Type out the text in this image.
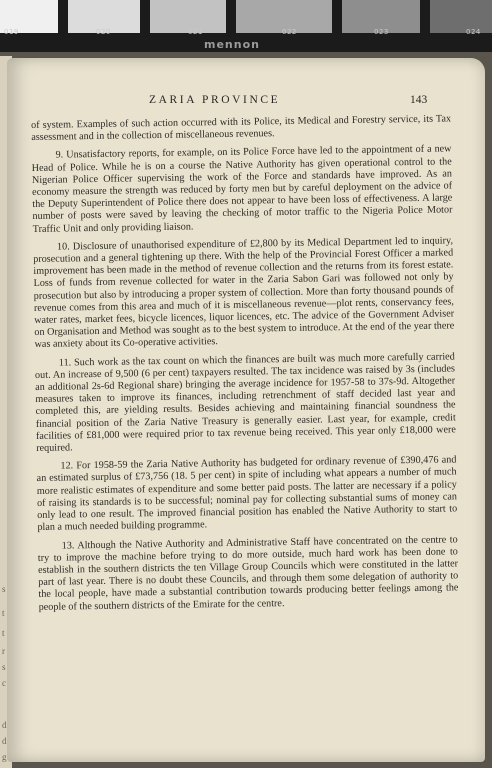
019	020	021	022	023	024
mennon
s
t
t
r
s
c
d
d
g
ZARIA PROVINCE	143

of system. Examples of such action occurred with its Police, its Medical and Forestry service, its Tax assessment and in the collection of miscellaneous revenues.

9. Unsatisfactory reports, for example, on its Police Force have led to the appointment of a new Head of Police. While he is on a course the Native Authority has given operational control to the Nigerian Police Officer supervising the work of the Force and standards have improved. As an economy measure the strength was reduced by forty men but by careful deployment on the advice of the Deputy Superintendent of Police there does not appear to have been loss of effectiveness. A large number of posts were saved by leaving the checking of motor traffic to the Nigeria Police Motor Traffic Unit and only providing liaison.

10. Disclosure of unauthorised expenditure of £2,800 by its Medical Department led to inquiry, prosecution and a general tightening up there. With the help of the Provincial Forest Officer a marked improvement has been made in the method of revenue collection and the returns from its forest estate. Loss of funds from revenue collected for water in the Zaria Sabon Gari was followed not only by prosecution but also by introducing a proper system of collection. More than forty thousand pounds of revenue comes from this area and much of it is miscellaneous revenue—plot rents, conservancy fees, water rates, market fees, bicycle licences, liquor licences, etc. The advice of the Government Adviser on Organisation and Method was sought as to the best system to introduce. At the end of the year there was anxiety about its Co-operative activities.

11. Such work as the tax count on which the finances are built was much more carefully carried out. An increase of 9,500 (6 per cent) taxpayers resulted. The tax incidence was raised by 3s (includes an additional 2s-6d Regional share) bringing the average incidence for 1957-58 to 37s-9d. Altogether measures taken to improve its finances, including retrenchment of staff decided last year and completed this, are yielding results. Besides achieving and maintaining financial soundness the financial position of the Zaria Native Treasury is generally easier. Last year, for example, credit facilities of £81,000 were required prior to tax revenue being received. This year only £18,000 were required.

12. For 1958-59 the Zaria Native Authority has budgeted for ordinary revenue of £390,476 and an estimated surplus of £73,756 (18. 5 per cent) in spite of including what appears a number of much more realistic estimates of expenditure and some better paid posts. The latter are necessary if a policy of raising its standards is to be successful; nominal pay for collecting substantial sums of money can only lead to one result. The improved financial position has enabled the Native Authority to start to plan a much needed building programme.

13. Although the Native Authority and Administrative Staff have concentrated on the centre to try to improve the machine before trying to do more outside, much hard work has been done to establish in the southern districts the ten Village Group Councils which were constituted in the latter part of last year. There is no doubt these Councils, and through them some delegation of authority to the local people, have made a substantial contribution towards producing better feelings among the people of the southern districts of the Emirate for the centre.
